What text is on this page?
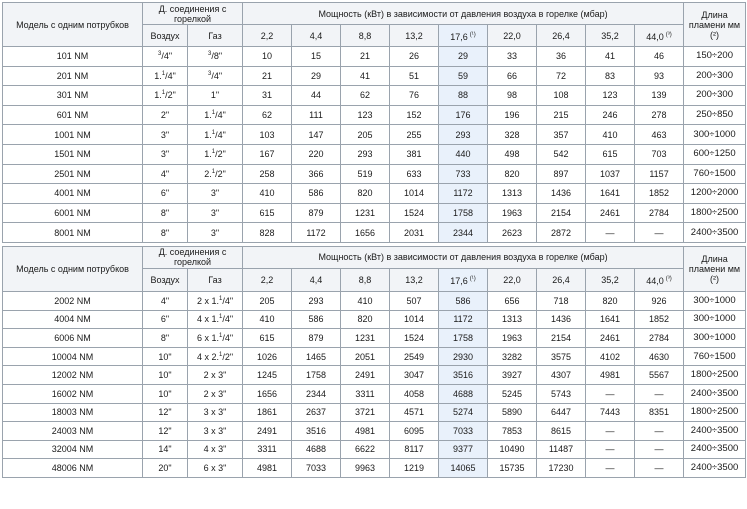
Модель с одним потрубков	Д. соединения с горелкой		Мощность (кВт) в зависимости от давления воздуха в горелке (мбар)									Длина пламени мм (²)
	Воздух	Газ	2,2	4,4	8,8	13,2	17,6 $^{(^1)}$	22,0	26,4	35,2	44,0 $^{(^3)}$
101 NM	$^3$/4"	$^3$/8"	10	15	21	26	29	33	36	41	46	150÷200
201 NM	1.$^1$/4"	$^3$/4"	21	29	41	51	59	66	72	83	93	200÷300
301 NM	1.$^1$/2"	1"	31	44	62	76	88	98	108	123	139	200÷300
601 NM	2"	1.$^1$/4"	62	111	123	152	176	196	215	246	278	250÷850
1001 NM	3"	1.$^1$/4"	103	147	205	255	293	328	357	410	463	300÷1000
1501 NM	3"	1.$^1$/2"	167	220	293	381	440	498	542	615	703	600÷1250
2501 NM	4"	2.$^1$/2"	258	366	519	633	733	820	897	1037	1157	760÷1500
4001 NM	6"	3"	410	586	820	1014	1172	1313	1436	1641	1852	1200÷2000
6001 NM	8"	3"	615	879	1231	1524	1758	1963	2154	2461	2784	1800÷2500
8001 NM	8"	3"	828	1172	1656	2031	2344	2623	2872	—	—	2400÷3500
Модель с одним потрубков	Д. соединения с горелкой		Мощность (кВт) в зависимости от давления воздуха в горелке (мбар)									Длина пламени мм (²)
	Воздух	Газ	2,2	4,4	8,8	13,2	17,6 $^{(^1)}$	22,0	26,4	35,2	44,0 $^{(^3)}$
2002 NM	4"	2 x 1.$^1$/4"	205	293	410	507	586	656	718	820	926	300÷1000
4004 NM	6"	4 x 1.$^1$/4"	410	586	820	1014	1172	1313	1436	1641	1852	300÷1000
6006 NM	8"	6 x 1.$^1$/4"	615	879	1231	1524	1758	1963	2154	2461	2784	300÷1000
10004 NM	10"	4 x 2.$^1$/2"	1026	1465	2051	2549	2930	3282	3575	4102	4630	760÷1500
12002 NM	10"	2 x 3"	1245	1758	2491	3047	3516	3927	4307	4981	5567	1800÷2500
16002 NM	10"	2 x 3"	1656	2344	3311	4058	4688	5245	5743	—	—	2400÷3500
18003 NM	12"	3 x 3"	1861	2637	3721	4571	5274	5890	6447	7443	8351	1800÷2500
24003 NM	12"	3 x 3"	2491	3516	4981	6095	7033	7853	8615	—	—	2400÷3500
32004 NM	14"	4 x 3"	3311	4688	6622	8117	9377	10490	11487	—	—	2400÷3500
48006 NM	20"	6 x 3"	4981	7033	9963	1219	14065	15735	17230	—	—	2400÷3500
